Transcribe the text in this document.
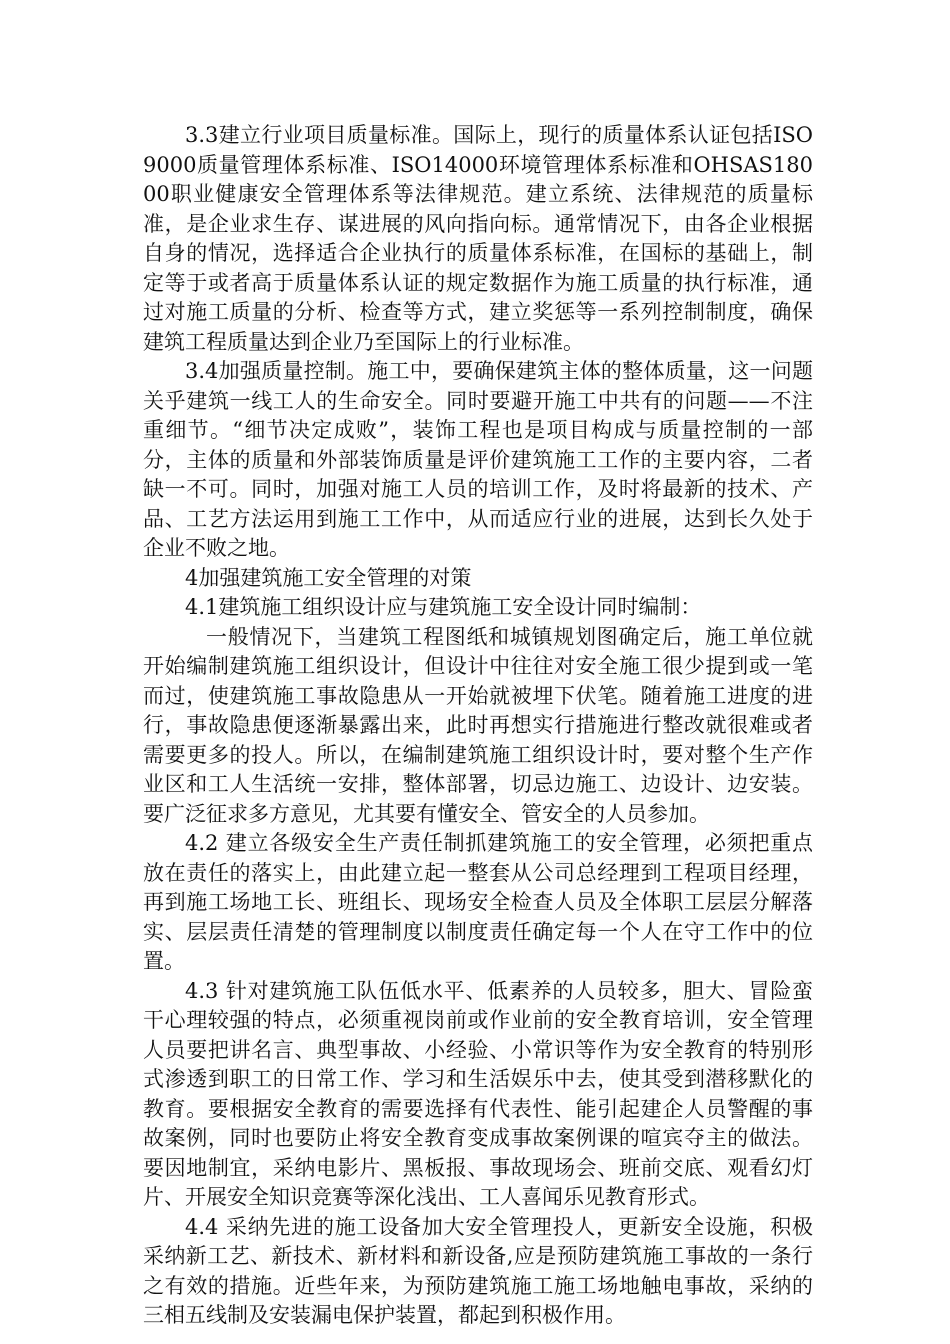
3.3建立行业项目质量标准。国际上，现行的质量体系认证包括ISO9000质量管理体系标准、ISO14000环境管理体系标准和OHSAS18000职业健康安全管理体系等法律规范。建立系统、法律规范的质量标准，是企业求生存、谋进展的风向指向标。通常情况下，由各企业根据自身的情况，选择适合企业执行的质量体系标准，在国标的基础上，制定等于或者高于质量体系认证的规定数据作为施工质量的执行标准，通过对施工质量的分析、检查等方式，建立奖惩等一系列控制制度，确保建筑工程质量达到企业乃至国际上的行业标准。

3.4加强质量控制。施工中，要确保建筑主体的整体质量，这一问题关乎建筑一线工人的生命安全。同时要避开施工中共有的问题——不注重细节。“细节决定成败”，装饰工程也是项目构成与质量控制的一部分，主体的质量和外部装饰质量是评价建筑施工工作的主要内容，二者缺一不可。同时，加强对施工人员的培训工作，及时将最新的技术、产品、工艺方法运用到施工工作中，从而适应行业的进展，达到长久处于企业不败之地。

4加强建筑施工安全管理的对策

4.1建筑施工组织设计应与建筑施工安全设计同时编制：

一般情况下，当建筑工程图纸和城镇规划图确定后，施工单位就开始编制建筑施工组织设计，但设计中往往对安全施工很少提到或一笔而过，使建筑施工事故隐患从一开始就被埋下伏笔。随着施工进度的进行，事故隐患便逐渐暴露出来，此时再想实行措施进行整改就很难或者需要更多的投人。所以，在编制建筑施工组织设计时，要对整个生产作业区和工人生活统一安排，整体部署，切忌边施工、边设计、边安装。要广泛征求多方意见，尤其要有懂安全、管安全的人员参加。

4.2 建立各级安全生产责任制抓建筑施工的安全管理，必须把重点放在责任的落实上，由此建立起一整套从公司总经理到工程项目经理，再到施工场地工长、班组长、现场安全检查人员及全体职工层层分解落实、层层责任清楚的管理制度以制度责任确定每一个人在守工作中的位置。

4.3 针对建筑施工队伍低水平、低素养的人员较多，胆大、冒险蛮干心理较强的特点，必须重视岗前或作业前的安全教育培训，安全管理人员要把讲名言、典型事故、小经验、小常识等作为安全教育的特别形式渗透到职工的日常工作、学习和生活娱乐中去，使其受到潜移默化的教育。要根据安全教育的需要选择有代表性、能引起建企人员警醒的事故案例，同时也要防止将安全教育变成事故案例课的喧宾夺主的做法。要因地制宜，采纳电影片、黑板报、事故现场会、班前交底、观看幻灯片、开展安全知识竞赛等深化浅出、工人喜闻乐见教育形式。

4.4 采纳先进的施工设备加大安全管理投人，更新安全设施，积极采纳新工艺、新技术、新材料和新设备,应是预防建筑施工事故的一条行之有效的措施。近些年来，为预防建筑施工施工场地触电事故，采纳的三相五线制及安装漏电保护装置，都起到积极作用。
